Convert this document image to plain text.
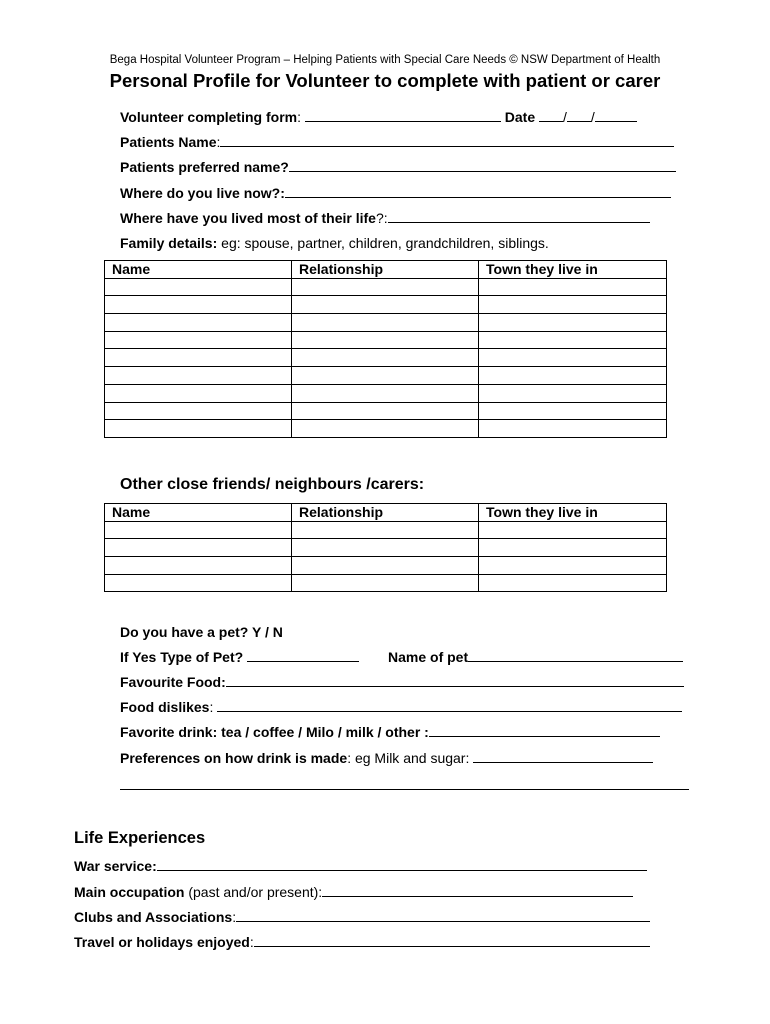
Bega Hospital Volunteer Program – Helping Patients with Special Care Needs © NSW Department of Health
Personal Profile for Volunteer to complete with patient or carer
Volunteer completing form:	Date / /
Patients Name:
Patients preferred name?
Where do you live now?:
Where have you lived most of their life?:
Family details: eg: spouse, partner, children, grandchildren, siblings.
Name	Relationship	Town they live in

Other close friends/ neighbours /carers:
Name	Relationship	Town they live in

Do you have a pet? Y / N
If Yes Type of Pet?	Name of pet
Favourite Food:
Food dislikes:
Favorite drink: tea / coffee / Milo / milk / other :
Preferences on how drink is made: eg Milk and sugar:
Life Experiences
War service:
Main occupation (past and/or present):
Clubs and Associations:
Travel or holidays enjoyed:
